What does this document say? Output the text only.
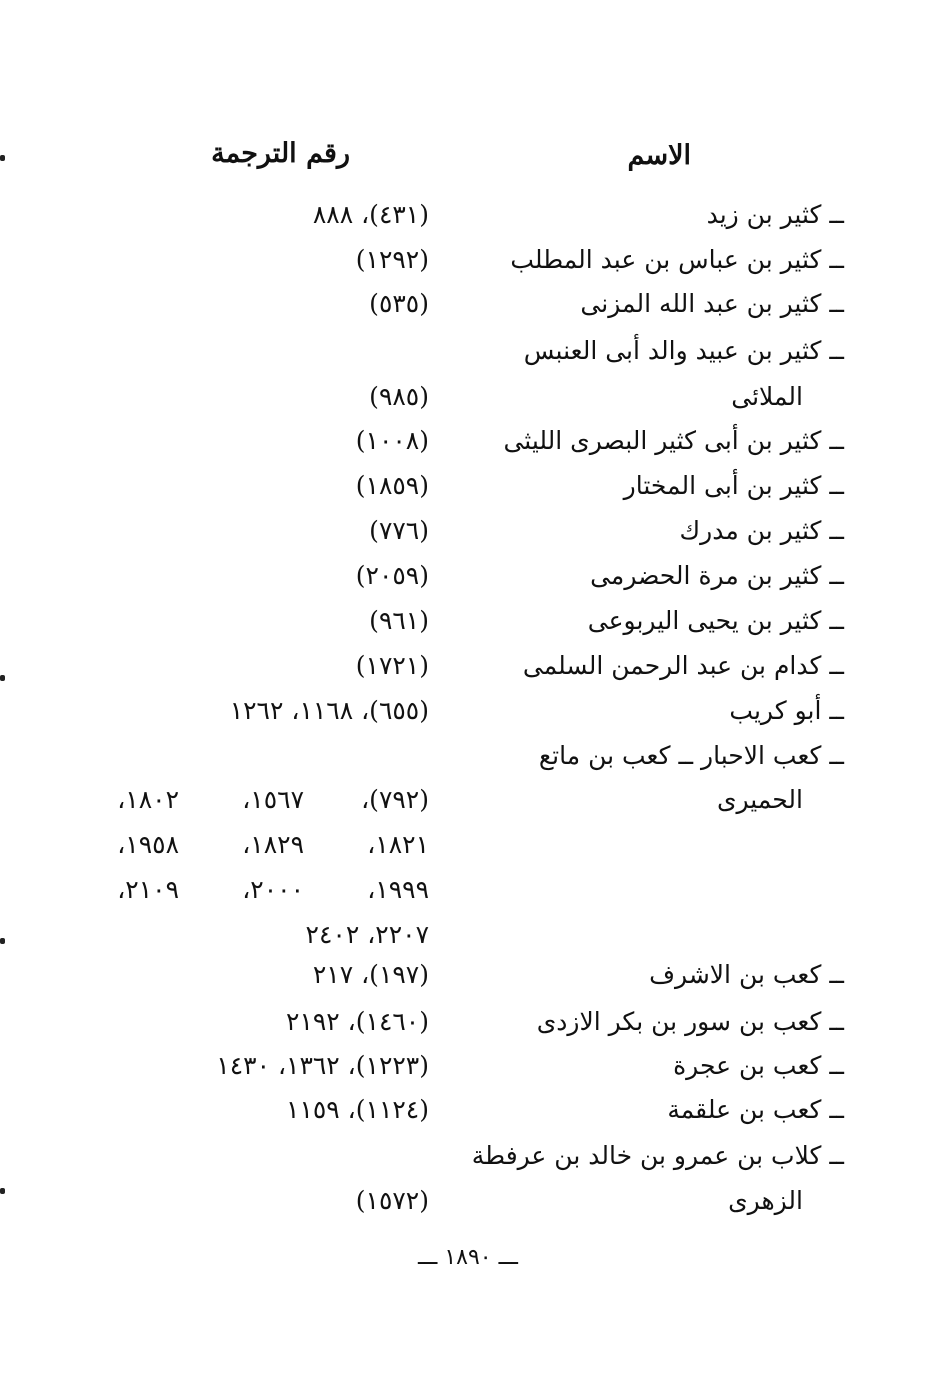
الاسم
رقم الترجمة
ــ كثير بن زيد
(٤٣١)، ٨٨٨
ــ كثير بن عباس بن عبد المطلب
(١٢٩٢)
ــ كثير بن عبد الله المزنى
(٥٣٥)
ــ كثير بن عبيد والد أبى العنبس
الملائى
(٩٨٥)
ــ كثير بن أبى كثير البصرى الليثى
(١٠٠٨)
ــ كثير بن أبى المختار
(١٨٥٩)
ــ كثير بن مدرك
(٧٧٦)
ــ كثير بن مرة الحضرمى
(٢٠٥٩)
ــ كثير بن يحيى اليربوعى
(٩٦١)
ــ كدام بن عبد الرحمن السلمى
(١٧٢١)
ــ أبو كريب
(٦٥٥)، ١١٦٨، ١٢٦٢
ــ كعب الاحبار ــ كعب بن ماتع
الحميرى
(٧٩٢)،
١٥٦٧،
١٨٠٢،
١٨٢١،
١٨٢٩،
١٩٥٨،
١٩٩٩،
٢٠٠٠،
٢١٠٩،
٢٢٠٧، ٢٤٠٢
ــ كعب بن الاشرف
(١٩٧)، ٢١٧
ــ كعب بن سور بن بكر الازدى
(١٤٦٠)، ٢١٩٢
ــ كعب بن عجرة
(١٢٢٣)، ١٣٦٢، ١٤٣٠
ــ كعب بن علقمة
(١١٢٤)، ١١٥٩
ــ كلاب بن عمرو بن خالد بن عرفطة
الزهرى
(١٥٧٢)
ـــ ١٨٩٠ ـــ
